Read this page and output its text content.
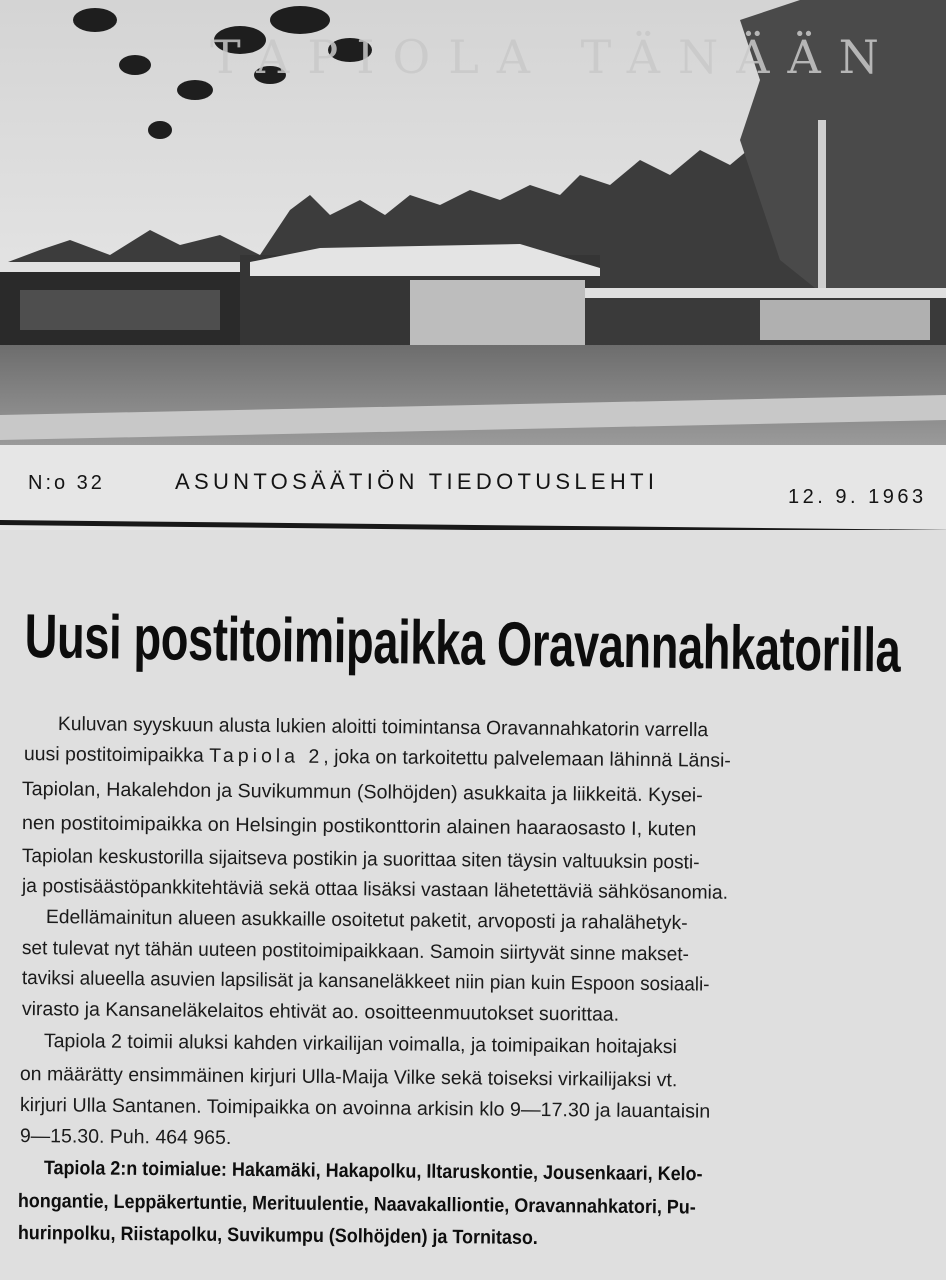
TAPIOLA TÄNÄÄN
N:o 32	ASUNTOSÄÄTIÖN TIEDOTUSLEHTI
12. 9. 1963
Uusi postitoimipaikka Oravannahkatorilla
Kuluvan syyskuun alusta lukien aloitti toimintansa Oravannahkatorin varrella
uusi postitoimipaikka Tapiola 2, joka on tarkoitettu palvelemaan lähinnä Länsi-
Tapiolan, Hakalehdon ja Suvikummun (Solhöjden) asukkaita ja liikkeitä. Kysei-
nen postitoimipaikka on Helsingin postikonttorin alainen haaraosasto I, kuten
Tapiolan keskustorilla sijaitseva postikin ja suorittaa siten täysin valtuuksin posti-
ja postisäästöpankkitehtäviä sekä ottaa lisäksi vastaan lähetettäviä sähkösanomia.
Edellämainitun alueen asukkaille osoitetut paketit, arvoposti ja rahalähetyk-
set tulevat nyt tähän uuteen postitoimipaikkaan. Samoin siirtyvät sinne makset-
taviksi alueella asuvien lapsilisät ja kansaneläkkeet niin pian kuin Espoon sosiaali-
virasto ja Kansaneläkelaitos ehtivät ao. osoitteenmuutokset suorittaa.
Tapiola 2 toimii aluksi kahden virkailijan voimalla, ja toimipaikan hoitajaksi
on määrätty ensimmäinen kirjuri Ulla-Maija Vilke sekä toiseksi virkailijaksi vt.
kirjuri Ulla Santanen. Toimipaikka on avoinna arkisin klo 9—17.30 ja lauantaisin
9—15.30. Puh. 464 965.
Tapiola 2:n toimialue: Hakamäki, Hakapolku, Iltaruskontie, Jousenkaari, Kelo-
hongantie, Leppäkertuntie, Merituulentie, Naavakalliontie, Oravannahkatori, Pu-
hurinpolku, Riistapolku, Suvikumpu (Solhöjden) ja Tornitaso.
